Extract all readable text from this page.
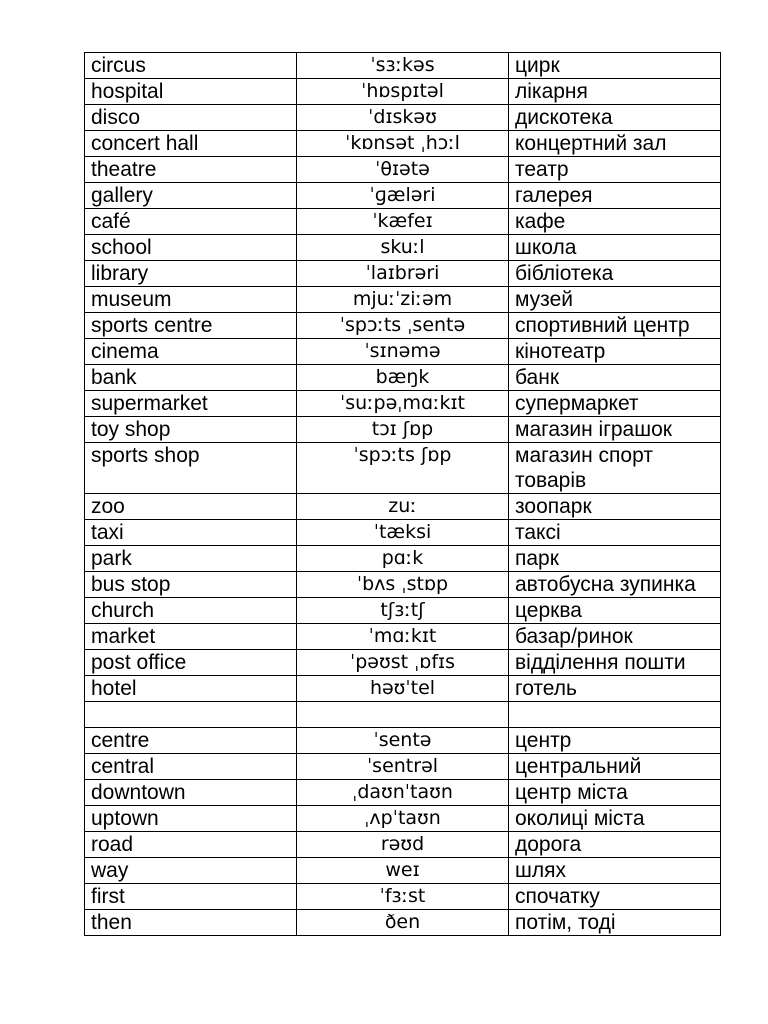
circus	ˈsɜːkəs	цирк
hospital	ˈhɒspɪtəl	лікарня
disco	ˈdɪskəʊ	дискотека
concert hall	ˈkɒnsət ˌhɔːl	концертний зал
theatre	ˈθɪətə	театр
gallery	ˈɡæləri	галерея
café	ˈkæfeɪ	кафе
school	skuːl	школа
library	ˈlaɪbrəri	бібліотека
museum	mjuːˈziːəm	музей
sports centre	ˈspɔːts ˌsentə	спортивний центр
cinema	ˈsɪnəmə	кінотеатр
bank	bæŋk	банк
supermarket	ˈsuːpəˌmɑːkɪt	супермаркет
toy shop	tɔɪ ʃɒp	магазин іграшок
sports shop	ˈspɔːts ʃɒp	магазин спорт товарів
zoo	zuː	зоопарк
taxi	ˈtæksi	таксі
park	pɑːk	парк
bus stop	ˈbʌs ˌstɒp	автобусна зупинка
church	tʃɜːtʃ	церква
market	ˈmɑːkɪt	базар/ринок
post office	ˈpəʊst ˌɒfɪs	відділення пошти
hotel	həʊˈtel	готель

centre	ˈsentə	центр
central	ˈsentrəl	центральний
downtown	ˌdaʊnˈtaʊn	центр міста
uptown	ˌʌpˈtaʊn	околиці міста
road	rəʊd	дорога
way	weɪ	шлях
first	ˈfɜːst	спочатку
then	ðen	потім, тоді
